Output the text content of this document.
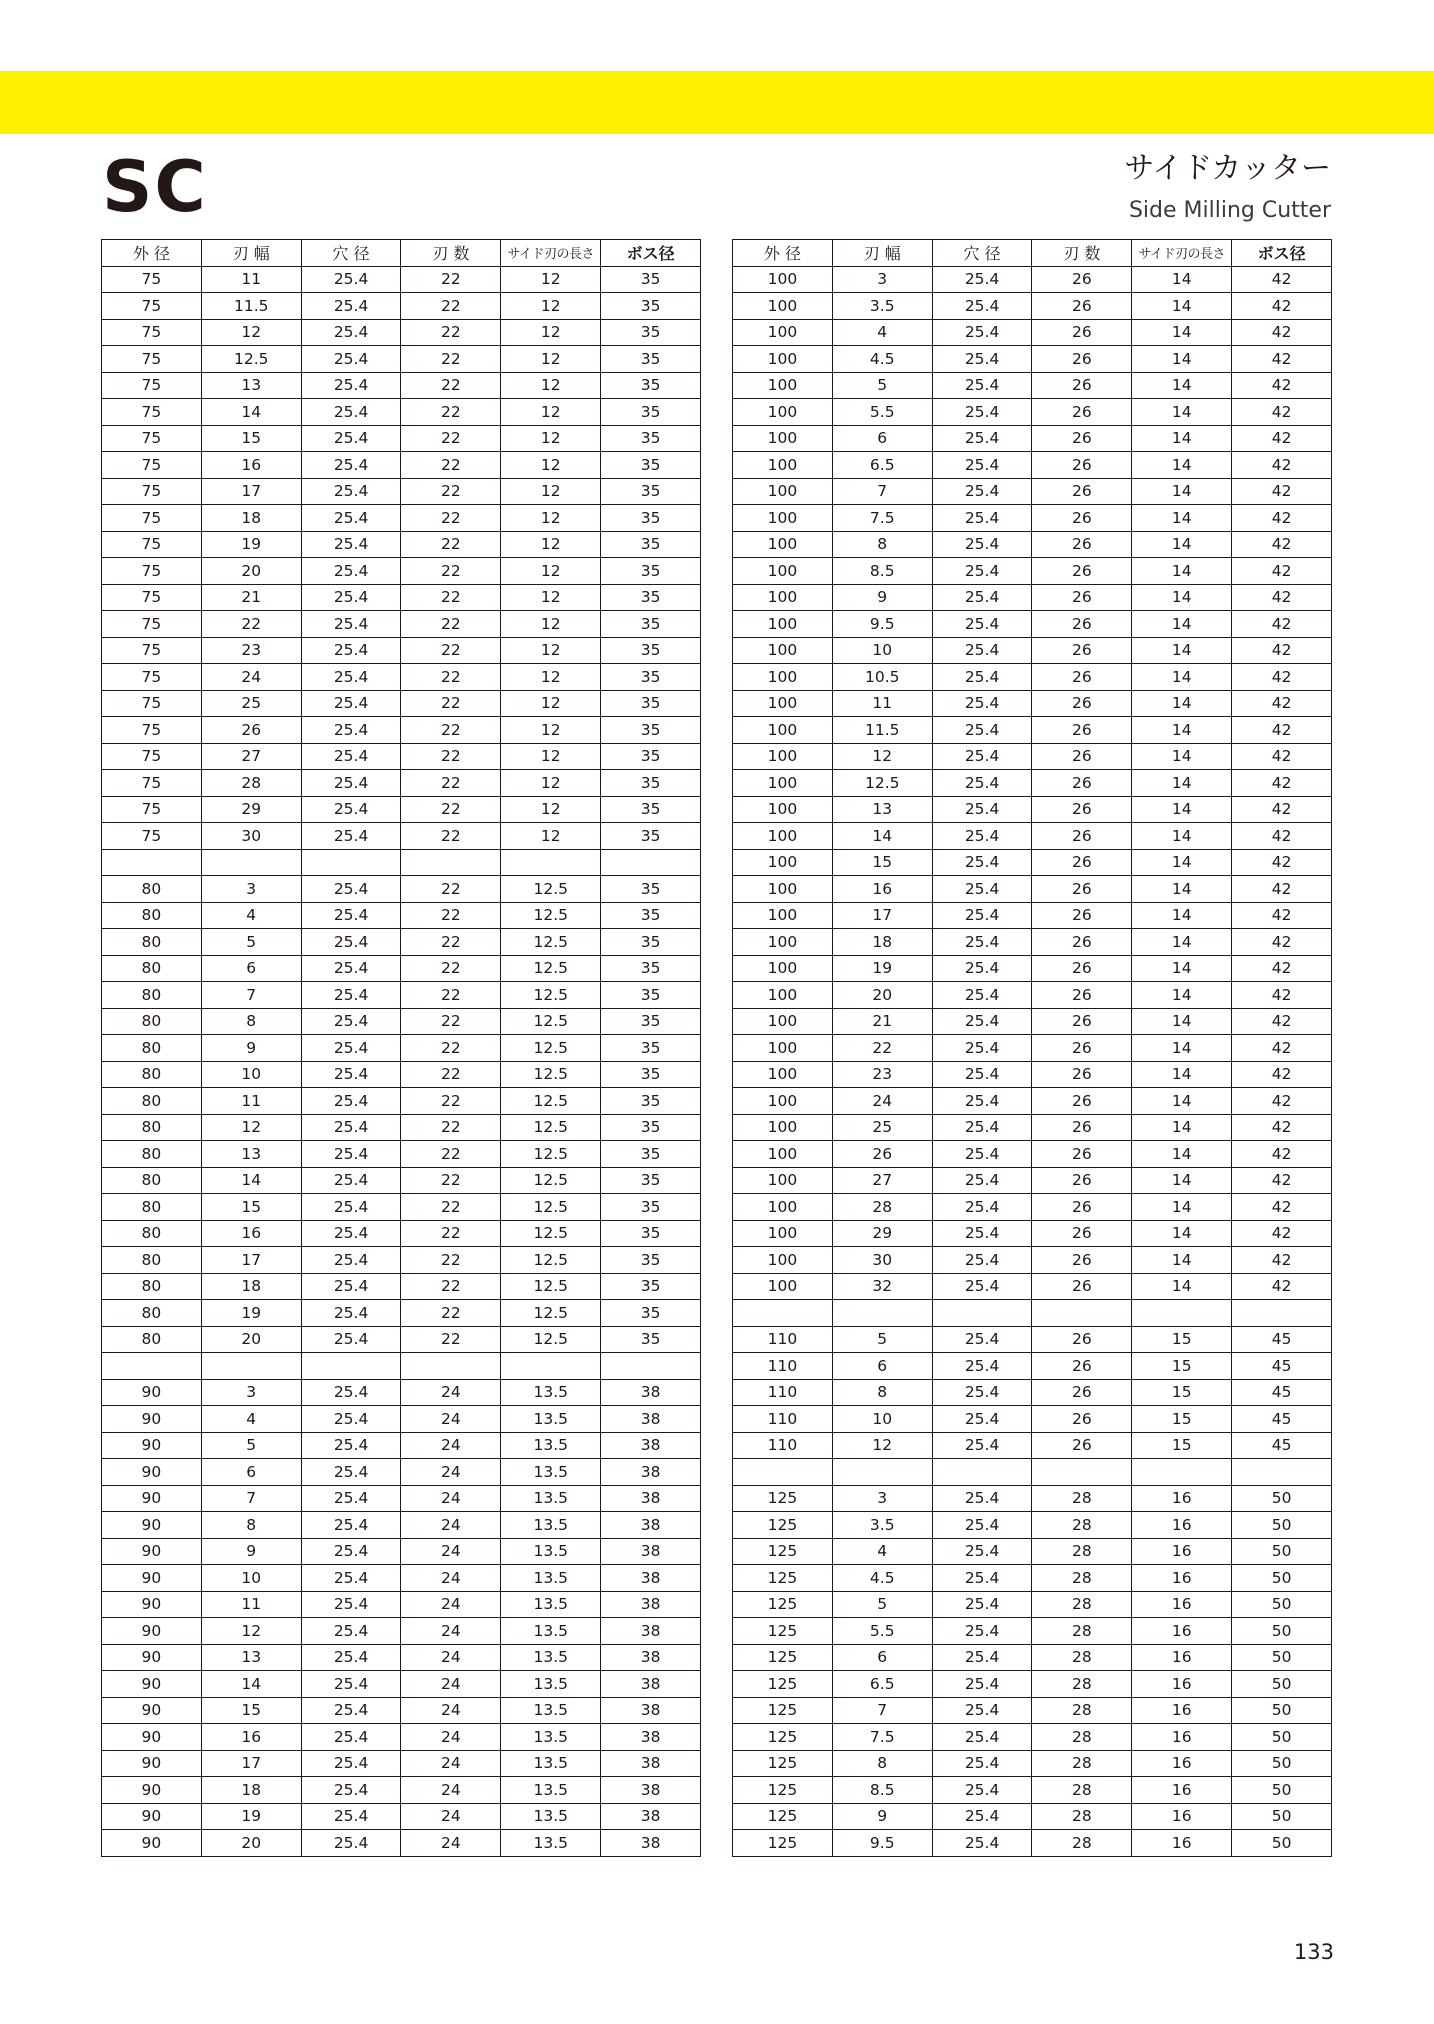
SC	サイドカッター
Side Milling Cutter
外 径	刃 幅	穴 径	刃 数	サイド刃の長さ	ボス径
75	11	25.4	22	12	35
75	11.5	25.4	22	12	35
75	12	25.4	22	12	35
75	12.5	25.4	22	12	35
75	13	25.4	22	12	35
75	14	25.4	22	12	35
75	15	25.4	22	12	35
75	16	25.4	22	12	35
75	17	25.4	22	12	35
75	18	25.4	22	12	35
75	19	25.4	22	12	35
75	20	25.4	22	12	35
75	21	25.4	22	12	35
75	22	25.4	22	12	35
75	23	25.4	22	12	35
75	24	25.4	22	12	35
75	25	25.4	22	12	35
75	26	25.4	22	12	35
75	27	25.4	22	12	35
75	28	25.4	22	12	35
75	29	25.4	22	12	35
75	30	25.4	22	12	35

80	3	25.4	22	12.5	35
80	4	25.4	22	12.5	35
80	5	25.4	22	12.5	35
80	6	25.4	22	12.5	35
80	7	25.4	22	12.5	35
80	8	25.4	22	12.5	35
80	9	25.4	22	12.5	35
80	10	25.4	22	12.5	35
80	11	25.4	22	12.5	35
80	12	25.4	22	12.5	35
80	13	25.4	22	12.5	35
80	14	25.4	22	12.5	35
80	15	25.4	22	12.5	35
80	16	25.4	22	12.5	35
80	17	25.4	22	12.5	35
80	18	25.4	22	12.5	35
80	19	25.4	22	12.5	35
80	20	25.4	22	12.5	35

90	3	25.4	24	13.5	38
90	4	25.4	24	13.5	38
90	5	25.4	24	13.5	38
90	6	25.4	24	13.5	38
90	7	25.4	24	13.5	38
90	8	25.4	24	13.5	38
90	9	25.4	24	13.5	38
90	10	25.4	24	13.5	38
90	11	25.4	24	13.5	38
90	12	25.4	24	13.5	38
90	13	25.4	24	13.5	38
90	14	25.4	24	13.5	38
90	15	25.4	24	13.5	38
90	16	25.4	24	13.5	38
90	17	25.4	24	13.5	38
90	18	25.4	24	13.5	38
90	19	25.4	24	13.5	38
90	20	25.4	24	13.5	38
外 径	刃 幅	穴 径	刃 数	サイド刃の長さ	ボス径
100	3	25.4	26	14	42
100	3.5	25.4	26	14	42
100	4	25.4	26	14	42
100	4.5	25.4	26	14	42
100	5	25.4	26	14	42
100	5.5	25.4	26	14	42
100	6	25.4	26	14	42
100	6.5	25.4	26	14	42
100	7	25.4	26	14	42
100	7.5	25.4	26	14	42
100	8	25.4	26	14	42
100	8.5	25.4	26	14	42
100	9	25.4	26	14	42
100	9.5	25.4	26	14	42
100	10	25.4	26	14	42
100	10.5	25.4	26	14	42
100	11	25.4	26	14	42
100	11.5	25.4	26	14	42
100	12	25.4	26	14	42
100	12.5	25.4	26	14	42
100	13	25.4	26	14	42
100	14	25.4	26	14	42
100	15	25.4	26	14	42
100	16	25.4	26	14	42
100	17	25.4	26	14	42
100	18	25.4	26	14	42
100	19	25.4	26	14	42
100	20	25.4	26	14	42
100	21	25.4	26	14	42
100	22	25.4	26	14	42
100	23	25.4	26	14	42
100	24	25.4	26	14	42
100	25	25.4	26	14	42
100	26	25.4	26	14	42
100	27	25.4	26	14	42
100	28	25.4	26	14	42
100	29	25.4	26	14	42
100	30	25.4	26	14	42
100	32	25.4	26	14	42

110	5	25.4	26	15	45
110	6	25.4	26	15	45
110	8	25.4	26	15	45
110	10	25.4	26	15	45
110	12	25.4	26	15	45

125	3	25.4	28	16	50
125	3.5	25.4	28	16	50
125	4	25.4	28	16	50
125	4.5	25.4	28	16	50
125	5	25.4	28	16	50
125	5.5	25.4	28	16	50
125	6	25.4	28	16	50
125	6.5	25.4	28	16	50
125	7	25.4	28	16	50
125	7.5	25.4	28	16	50
125	8	25.4	28	16	50
125	8.5	25.4	28	16	50
125	9	25.4	28	16	50
125	9.5	25.4	28	16	50
133
